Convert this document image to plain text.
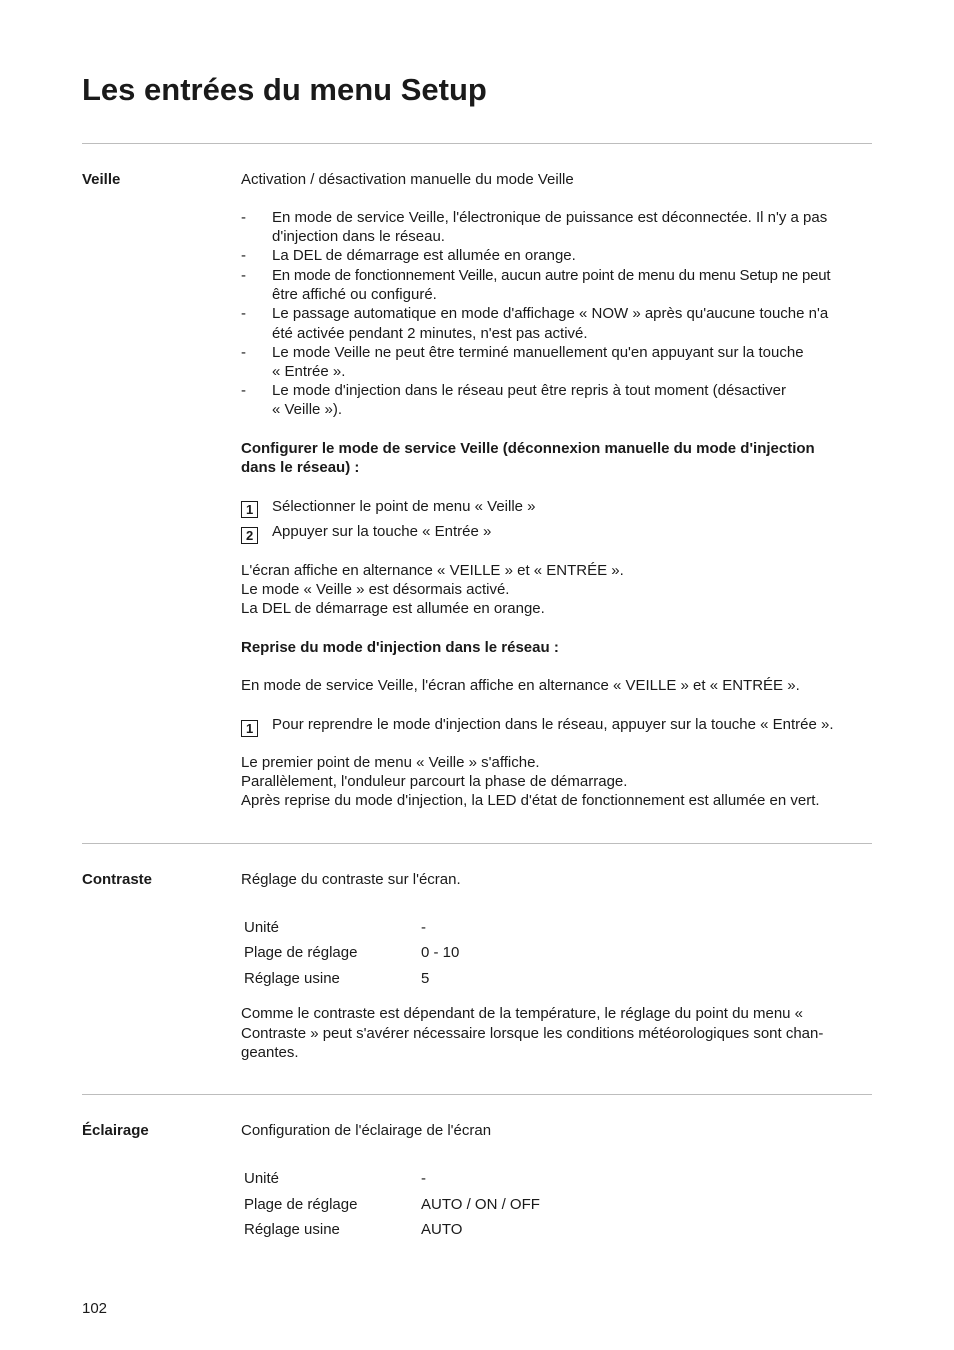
Les entrées du menu Setup
Veille	Activation / désactivation manuelle du mode Veille
- En mode de service Veille, l'électronique de puissance est déconnectée. Il n'y a pas
d'injection dans le réseau.
- La DEL de démarrage est allumée en orange.
- En mode de fonctionnement Veille, aucun autre point de menu du menu Setup ne peut
être affiché ou configuré.
- Le passage automatique en mode d'affichage « NOW » après qu'aucune touche n'a
été activée pendant 2 minutes, n'est pas activé.
- Le mode Veille ne peut être terminé manuellement qu'en appuyant sur la touche
« Entrée ».
- Le mode d'injection dans le réseau peut être repris à tout moment (désactiver
« Veille »).
Configurer le mode de service Veille (déconnexion manuelle du mode d'injection
dans le réseau) :
1	Sélectionner le point de menu « Veille »
2	Appuyer sur la touche « Entrée »
L'écran affiche en alternance « VEILLE » et « ENTRÉE ».
Le mode « Veille » est désormais activé.
La DEL de démarrage est allumée en orange.
Reprise du mode d'injection dans le réseau :
En mode de service Veille, l'écran affiche en alternance « VEILLE » et « ENTRÉE ».
1	Pour reprendre le mode d'injection dans le réseau, appuyer sur la touche « Entrée ».
Le premier point de menu « Veille » s'affiche.
Parallèlement, l'onduleur parcourt la phase de démarrage.
Après reprise du mode d'injection, la LED d'état de fonctionnement est allumée en vert.
Contraste	Réglage du contraste sur l'écran.
Unité	-
Plage de réglage	0 - 10
Réglage usine	5
Comme le contraste est dépendant de la température, le réglage du point du menu «
Contraste » peut s'avérer nécessaire lorsque les conditions météorologiques sont chan-
geantes.
Éclairage	Configuration de l'éclairage de l'écran
Unité	-
Plage de réglage	AUTO / ON / OFF
Réglage usine	AUTO
102
